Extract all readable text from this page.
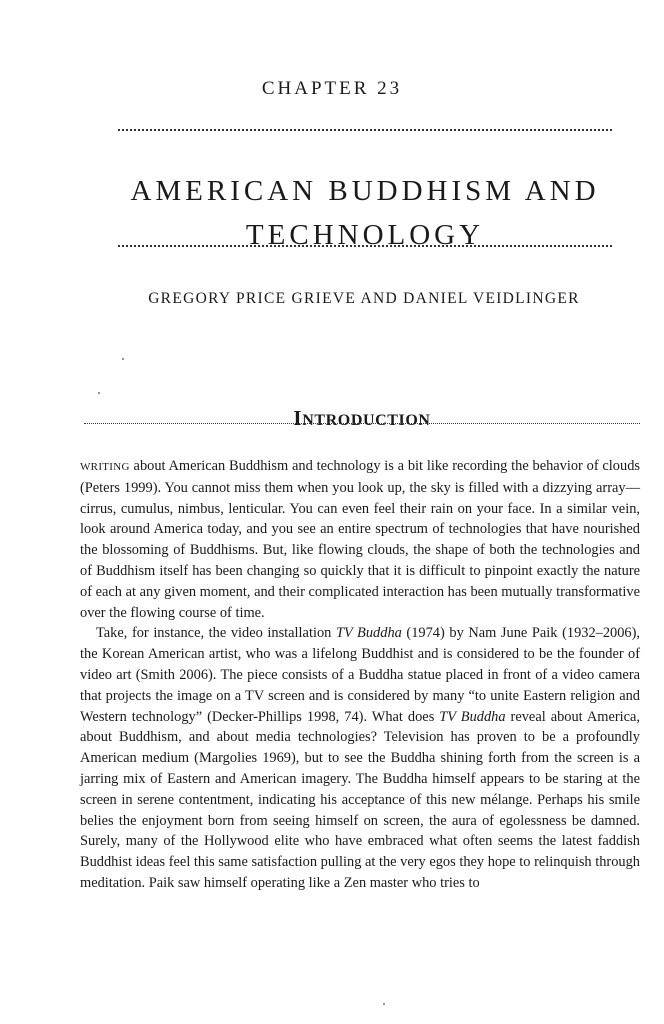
CHAPTER 23
AMERICAN BUDDHISM AND TECHNOLOGY
GREGORY PRICE GRIEVE AND DANIEL VEIDLINGER
INTRODUCTION

WRITING about American Buddhism and technology is a bit like recording the behavior of clouds (Peters 1999). You cannot miss them when you look up, the sky is filled with a dizzying array—cirrus, cumulus, nimbus, lenticular. You can even feel their rain on your face. In a similar vein, look around America today, and you see an entire spectrum of technologies that have nourished the blossoming of Buddhisms. But, like flowing clouds, the shape of both the technologies and of Buddhism itself has been changing so quickly that it is difficult to pinpoint exactly the nature of each at any given moment, and their complicated interaction has been mutually transformative over the flowing course of time.

Take, for instance, the video installation TV Buddha (1974) by Nam June Paik (1932–2006), the Korean American artist, who was a lifelong Buddhist and is considered to be the founder of video art (Smith 2006). The piece consists of a Buddha statue placed in front of a video camera that projects the image on a TV screen and is considered by many “to unite Eastern religion and Western technology” (Decker-Phillips 1998, 74). What does TV Buddha reveal about America, about Buddhism, and about media technologies? Television has proven to be a profoundly American medium (Margolies 1969), but to see the Buddha shining forth from the screen is a jarring mix of Eastern and American imagery. The Buddha himself appears to be staring at the screen in serene contentment, indicating his acceptance of this new mélange. Perhaps his smile belies the enjoyment born from seeing himself on screen, the aura of egolessness be damned. Surely, many of the Hollywood elite who have embraced what often seems the latest faddish Buddhist ideas feel this same satisfaction pulling at the very egos they hope to relinquish through meditation. Paik saw himself operating like a Zen master who tries to
